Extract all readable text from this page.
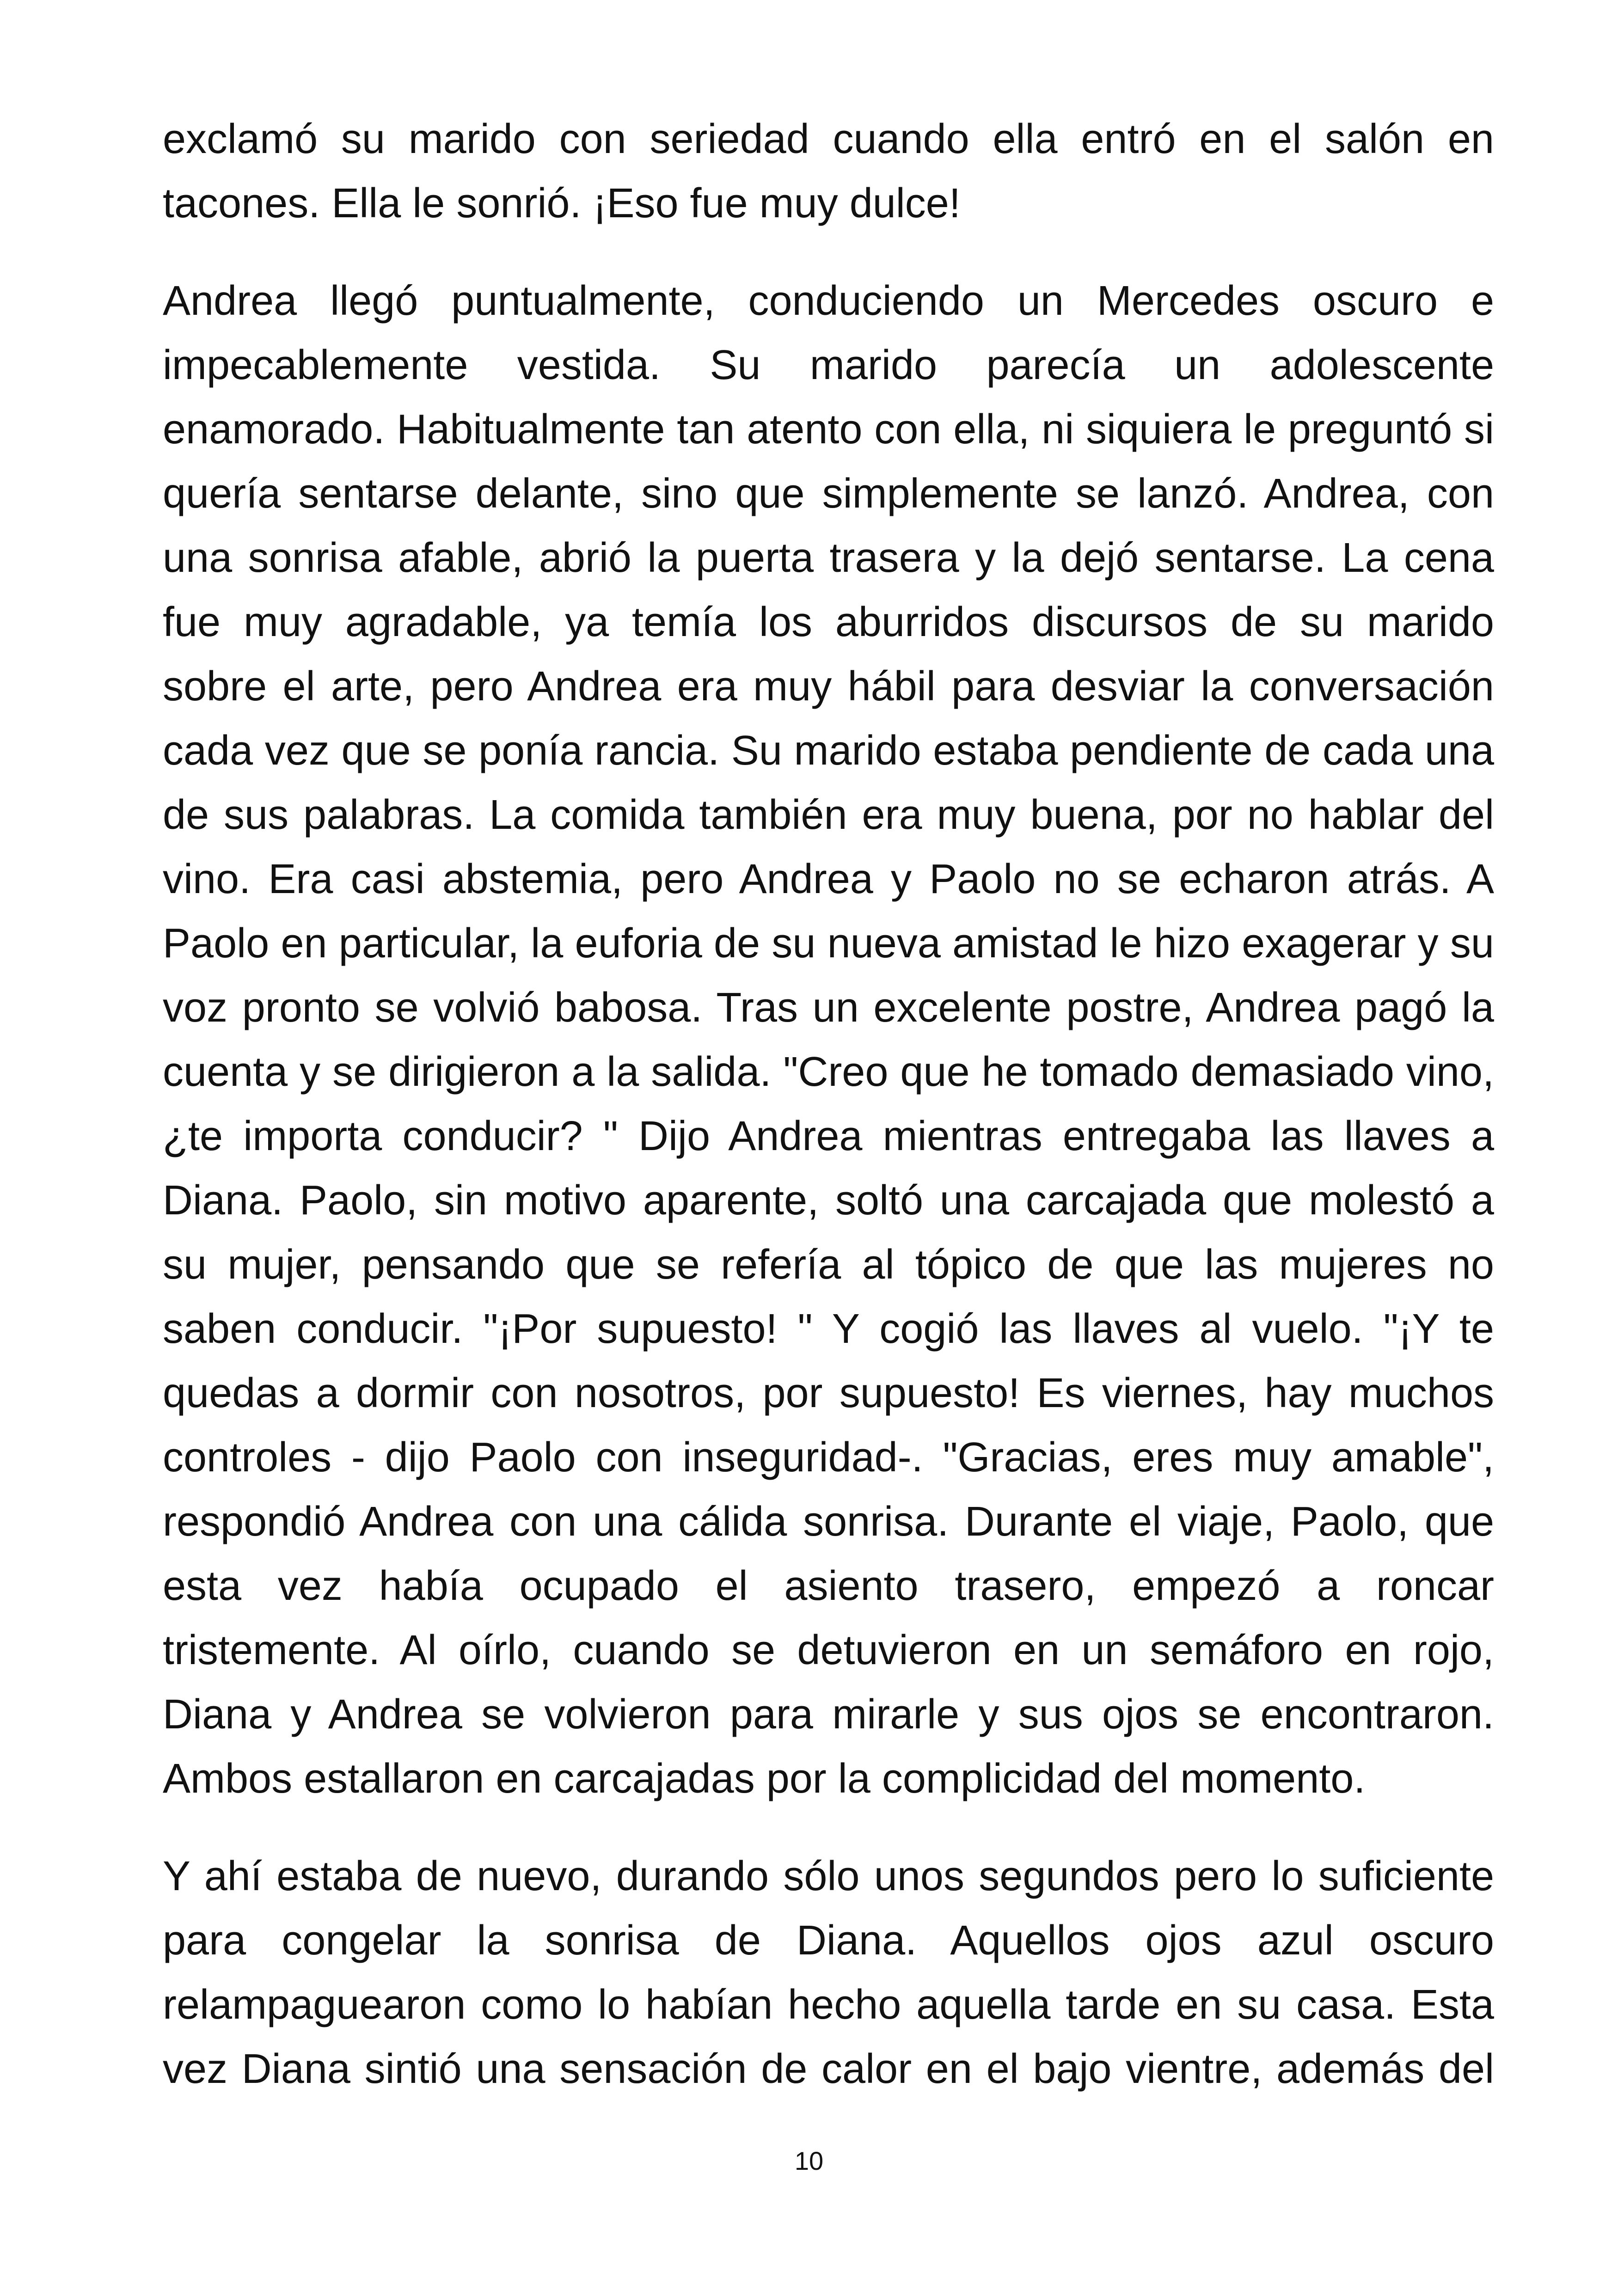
exclamó su marido con seriedad cuando ella entró en el salón en tacones. Ella le sonrió. ¡Eso fue muy dulce!

Andrea llegó puntualmente, conduciendo un Mercedes oscuro e impecablemente vestida. Su marido parecía un adolescente enamorado. Habitualmente tan atento con ella, ni siquiera le preguntó si quería sentarse delante, sino que simplemente se lanzó. Andrea, con una sonrisa afable, abrió la puerta trasera y la dejó sentarse. La cena fue muy agradable, ya temía los aburridos discursos de su marido sobre el arte, pero Andrea era muy hábil para desviar la conversación cada vez que se ponía rancia. Su marido estaba pendiente de cada una de sus palabras. La comida también era muy buena, por no hablar del vino. Era casi abstemia, pero Andrea y Paolo no se echaron atrás. A Paolo en particular, la euforia de su nueva amistad le hizo exagerar y su voz pronto se volvió babosa. Tras un excelente postre, Andrea pagó la cuenta y se dirigieron a la salida. "Creo que he tomado demasiado vino, ¿te importa conducir? " Dijo Andrea mientras entregaba las llaves a Diana. Paolo, sin motivo aparente, soltó una carcajada que molestó a su mujer, pensando que se refería al tópico de que las mujeres no saben conducir. "¡Por supuesto! " Y cogió las llaves al vuelo. "¡Y te quedas a dormir con nosotros, por supuesto! Es viernes, hay muchos controles - dijo Paolo con inseguridad-. "Gracias, eres muy amable", respondió Andrea con una cálida sonrisa. Durante el viaje, Paolo, que esta vez había ocupado el asiento trasero, empezó a roncar tristemente. Al oírlo, cuando se detuvieron en un semáforo en rojo, Diana y Andrea se volvieron para mirarle y sus ojos se encontraron. Ambos estallaron en carcajadas por la complicidad del momento.

Y ahí estaba de nuevo, durando sólo unos segundos pero lo suficiente para congelar la sonrisa de Diana. Aquellos ojos azul oscuro relampaguearon como lo habían hecho aquella tarde en su casa. Esta vez Diana sintió una sensación de calor en el bajo vientre, además del

10
